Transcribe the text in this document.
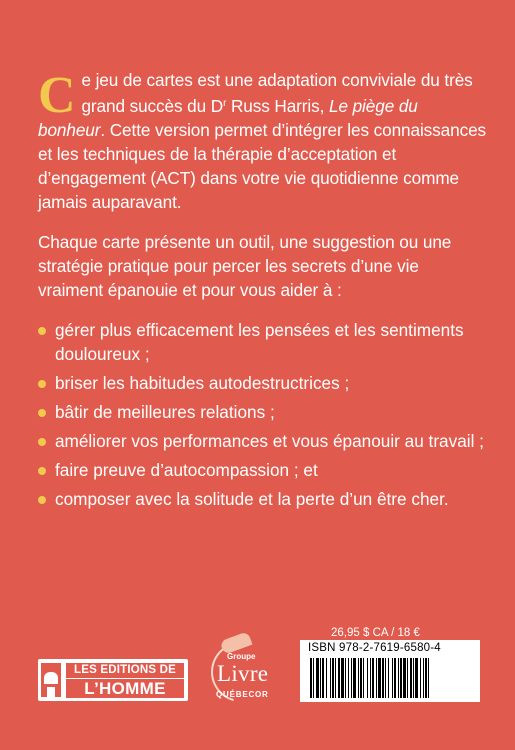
Ce jeu de cartes est une adaptation conviviale du très grand succès du $D^r$ Russ Harris, Le piège du bonheur. Cette version permet d’intégrer les connaissances et les techniques de la thérapie d’acceptation et d’engagement (ACT) dans votre vie quotidienne comme jamais auparavant.

Chaque carte présente un outil, une suggestion ou une stratégie pratique pour percer les secrets d’une vie vraiment épanouie et pour vous aider à :

gérer plus efficacement les pensées et les sentiments douloureux ;
briser les habitudes autodestructrices ;
bâtir de meilleures relations ;
améliorer vos performances et vous épanouir au travail ;
faire preuve d’autocompassion ; et
composer avec la solitude et la perte d’un être cher.
LES EDITIONS DE
L’HOMME
Groupe
Livre
QUÉBECOR
26,95 $ CA / 18 €
ISBN 978-2-7619-6580-4
